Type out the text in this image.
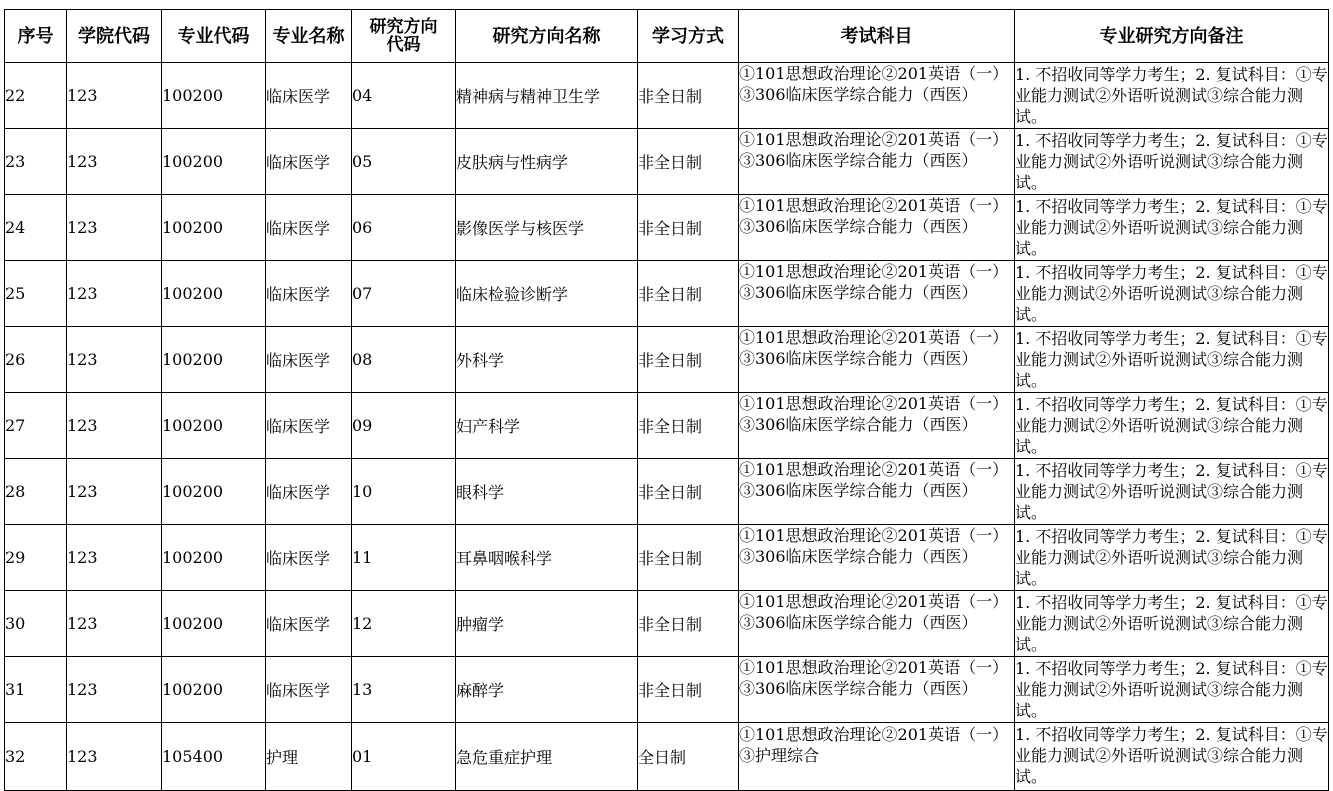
序号	学院代码	专业代码	专业名称	研究方向代码	研究方向名称	学习方式	考试科目	专业研究方向备注
22	123	100200	临床医学	04	精神病与精神卫生学	非全日制	①101思想政治理论②201英语（一）③306临床医学综合能力（西医）	1. 不招收同等学力考生；2. 复试科目：①专业能力测试②外语听说测试③综合能力测试。

23	123	100200	临床医学	05	皮肤病与性病学	非全日制	①101思想政治理论②201英语（一）③306临床医学综合能力（西医）	1. 不招收同等学力考生；2. 复试科目：①专业能力测试②外语听说测试③综合能力测试。

24	123	100200	临床医学	06	影像医学与核医学	非全日制	①101思想政治理论②201英语（一）③306临床医学综合能力（西医）	1. 不招收同等学力考生；2. 复试科目：①专业能力测试②外语听说测试③综合能力测试。

25	123	100200	临床医学	07	临床检验诊断学	非全日制	①101思想政治理论②201英语（一）③306临床医学综合能力（西医）	1. 不招收同等学力考生；2. 复试科目：①专业能力测试②外语听说测试③综合能力测试。

26	123	100200	临床医学	08	外科学	非全日制	①101思想政治理论②201英语（一）③306临床医学综合能力（西医）	1. 不招收同等学力考生；2. 复试科目：①专业能力测试②外语听说测试③综合能力测试。

27	123	100200	临床医学	09	妇产科学	非全日制	①101思想政治理论②201英语（一）③306临床医学综合能力（西医）	1. 不招收同等学力考生；2. 复试科目：①专业能力测试②外语听说测试③综合能力测试。

28	123	100200	临床医学	10	眼科学	非全日制	①101思想政治理论②201英语（一）③306临床医学综合能力（西医）	1. 不招收同等学力考生；2. 复试科目：①专业能力测试②外语听说测试③综合能力测试。

29	123	100200	临床医学	11	耳鼻咽喉科学	非全日制	①101思想政治理论②201英语（一）③306临床医学综合能力（西医）	1. 不招收同等学力考生；2. 复试科目：①专业能力测试②外语听说测试③综合能力测试。

30	123	100200	临床医学	12	肿瘤学	非全日制	①101思想政治理论②201英语（一）③306临床医学综合能力（西医）	1. 不招收同等学力考生；2. 复试科目：①专业能力测试②外语听说测试③综合能力测试。

31	123	100200	临床医学	13	麻醉学	非全日制	①101思想政治理论②201英语（一）③306临床医学综合能力（西医）	1. 不招收同等学力考生；2. 复试科目：①专业能力测试②外语听说测试③综合能力测试。

32	123	105400	护理	01	急危重症护理	全日制	①101思想政治理论②201英语（一）③护理综合	1. 不招收同等学力考生；2. 复试科目：①专业能力测试②外语听说测试③综合能力测试。
